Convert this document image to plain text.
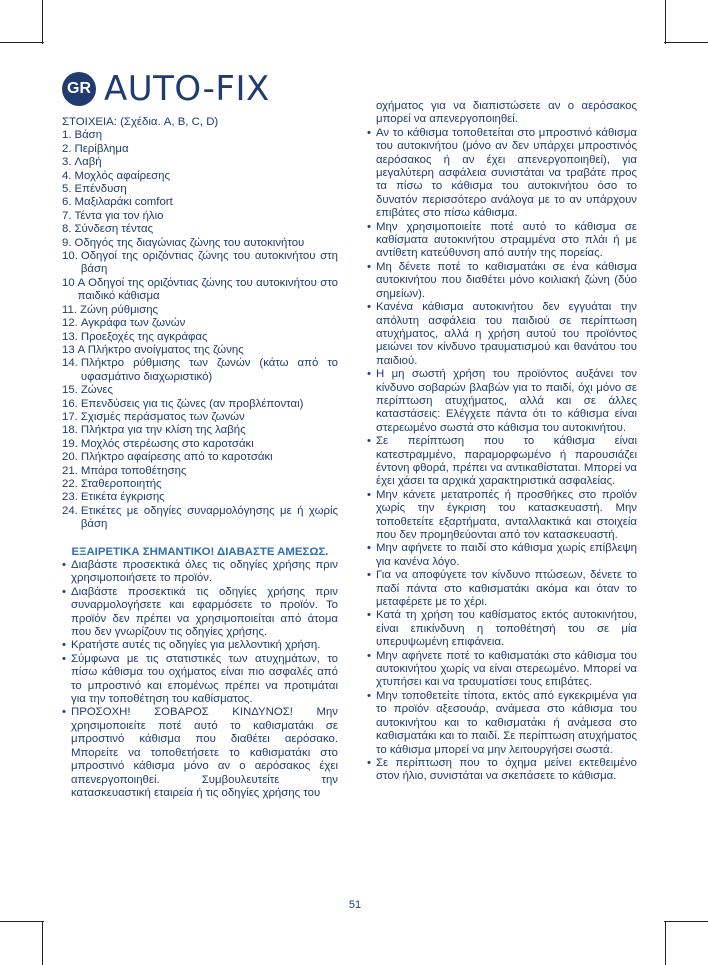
GR AUTO-FIX

ΣΤΟΙΧΕΙΑ: (Σχέδια. A, B, C, D)

1. Βάση
2. Περίβλημα
3. Λαβή
4. Μοχλός αφαίρεσης
5. Επένδυση
6. Μαξιλαράκι comfort
7. Τέντα για τον ήλιο
8. Σύνδεση τέντας
9. Οδηγός της διαγώνιας ζώνης του αυτοκινήτου
10. Οδηγοί της οριζόντιας ζώνης του αυτοκινήτου στη βάση
10 Α Οδηγοί της οριζόντιας ζώνης του αυτοκινήτου στο παιδικό κάθισμα
11. Ζώνη ρύθμισης
12. Αγκράφα των ζωνών
13. Προεξοχές της αγκράφας
13 Α Πλήκτρο ανοίγματος της ζώνης
14. Πλήκτρο ρύθμισης των ζωνών (κάτω από το υφασμάτινο διαχωριστικό)
15. Ζώνες
16. Επενδύσεις για τις ζώνες (αν προβλέπονται)
17. Σχισμές περάσματος των ζωνών
18. Πλήκτρα για την κλίση της λαβής
19. Μοχλός στερέωσης στο καροτσάκι
20. Πλήκτρο αφαίρεσης από το καροτσάκι
21. Μπάρα τοποθέτησης
22. Σταθεροποιητής
23. Ετικέτα έγκρισης
24. Ετικέτες με οδηγίες συναρμολόγησης με ή χωρίς βάση

ΕΞΑΙΡΕΤΙΚΑ ΣΗΜΑΝΤΙΚΟ! ΔΙΑΒΑΣΤΕ ΑΜΕΣΩΣ.

• Διαβάστε προσεκτικά όλες τις οδηγίες χρήσης πριν χρησιμοποιήσετε το προϊόν.
• Διαβάστε προσεκτικά τις οδηγίες χρήσης πριν συναρμολογήσετε και εφαρμόσετε το προϊόν. Το προϊόν δεν πρέπει να χρησιμοποιείται από άτομα που δεν γνωρίζουν τις οδηγίες χρήσης.
• Κρατήστε αυτές τις οδηγίες για μελλοντική χρήση.
• Σύμφωνα με τις στατιστικές των ατυχημάτων, το πίσω κάθισμα του οχήματος είναι πιο ασφαλές από το μπροστινό και επομένως πρέπει να προτιμάται για την τοποθέτηση του καθίσματος.
• ΠΡΟΣΟΧΗ! ΣΟΒΑΡΟΣ ΚΙΝΔΥΝΟΣ! Μην χρησιμοποιείτε ποτέ αυτό το καθισματάκι σε μπροστινό κάθισμα που διαθέτει αερόσακο. Μπορείτε να τοποθετήσετε το καθισματάκι στο μπροστινό κάθισμα μόνο αν ο αερόσακος έχει απενεργοποιηθεί. Συμβουλευτείτε την κατασκευαστική εταιρεία ή τις οδηγίες χρήσης του

οχήματος για να διαπιστώσετε αν ο αερόσακος μπορεί να απενεργοποιηθεί.

• Αν το κάθισμα τοποθετείται στο μπροστινό κάθισμα του αυτοκινήτου (μόνο αν δεν υπάρχει μπροστινός αερόσακος ή αν έχει απενεργοποιηθεί), για μεγαλύτερη ασφάλεια συνιστάται να τραβάτε προς τα πίσω το κάθισμα του αυτοκινήτου όσο το δυνατόν περισσότερο ανάλογα με το αν υπάρχουν επιβάτες στο πίσω κάθισμα.
• Μην χρησιμοποιείτε ποτέ αυτό το κάθισμα σε καθίσματα αυτοκινήτου στραμμένα στο πλάι ή με αντίθετη κατεύθυνση από αυτήν της πορείας.
• Μη δένετε ποτέ το καθισματάκι σε ένα κάθισμα αυτοκινήτου που διαθέτει μόνο κοιλιακή ζώνη (δύο σημείων).
• Κανένα κάθισμα αυτοκινήτου δεν εγγυάται την απόλυτη ασφάλεια του παιδιού σε περίπτωση ατυχήματος, αλλά η χρήση αυτού του προϊόντος μειώνει τον κίνδυνο τραυματισμού και θανάτου του παιδιού.
• Η μη σωστή χρήση του προϊόντος αυξάνει τον κίνδυνο σοβαρών βλαβών για το παιδί, όχι μόνο σε περίπτωση ατυχήματος, αλλά και σε άλλες καταστάσεις: Ελέγχετε πάντα ότι το κάθισμα είναι στερεωμένο σωστά στο κάθισμα του αυτοκινήτου.
• Σε περίπτωση που το κάθισμα είναι κατεστραμμένο, παραμορφωμένο ή παρουσιάζει έντονη φθορά, πρέπει να αντικαθίσταται. Μπορεί να έχει χάσει τα αρχικά χαρακτηριστικά ασφαλείας.
• Μην κάνετε μετατροπές ή προσθήκες στο προϊόν χωρίς την έγκριση του κατασκευαστή. Μην τοποθετείτε εξαρτήματα, ανταλλακτικά και στοιχεία που δεν προμηθεύονται από τον κατασκευαστή.
• Μην αφήνετε το παιδί στο κάθισμα χωρίς επίβλεψη για κανένα λόγο.
• Για να αποφύγετε τον κίνδυνο πτώσεων, δένετε το παδί πάντα στο καθισματάκι ακόμα και όταν το μεταφέρετε με το χέρι.
• Κατά τη χρήση του καθίσματος εκτός αυτοκινήτου, είναι επικίνδυνη η τοποθέτησή του σε μία υπερυψωμένη επιφάνεια.
• Μην αφήνετε ποτέ το καθισματάκι στο κάθισμα του αυτοκινήτου χωρίς να είναι στερεωμένο. Μπορεί να χτυπήσει και να τραυματίσει τους επιβάτες.
• Μην τοποθετείτε τίποτα, εκτός από εγκεκριμένα για το προϊόν αξεσουάρ, ανάμεσα στο κάθισμα του αυτοκινήτου και το καθισματάκι ή ανάμεσα στο καθισματάκι και το παιδί. Σε περίπτωση ατυχήματος το κάθισμα μπορεί να μην λειτουργήσει σωστά.
• Σε περίπτωση που το όχημα μείνει εκτεθειμένο στον ήλιο, συνιστάται να σκεπάσετε το κάθισμα.
51
